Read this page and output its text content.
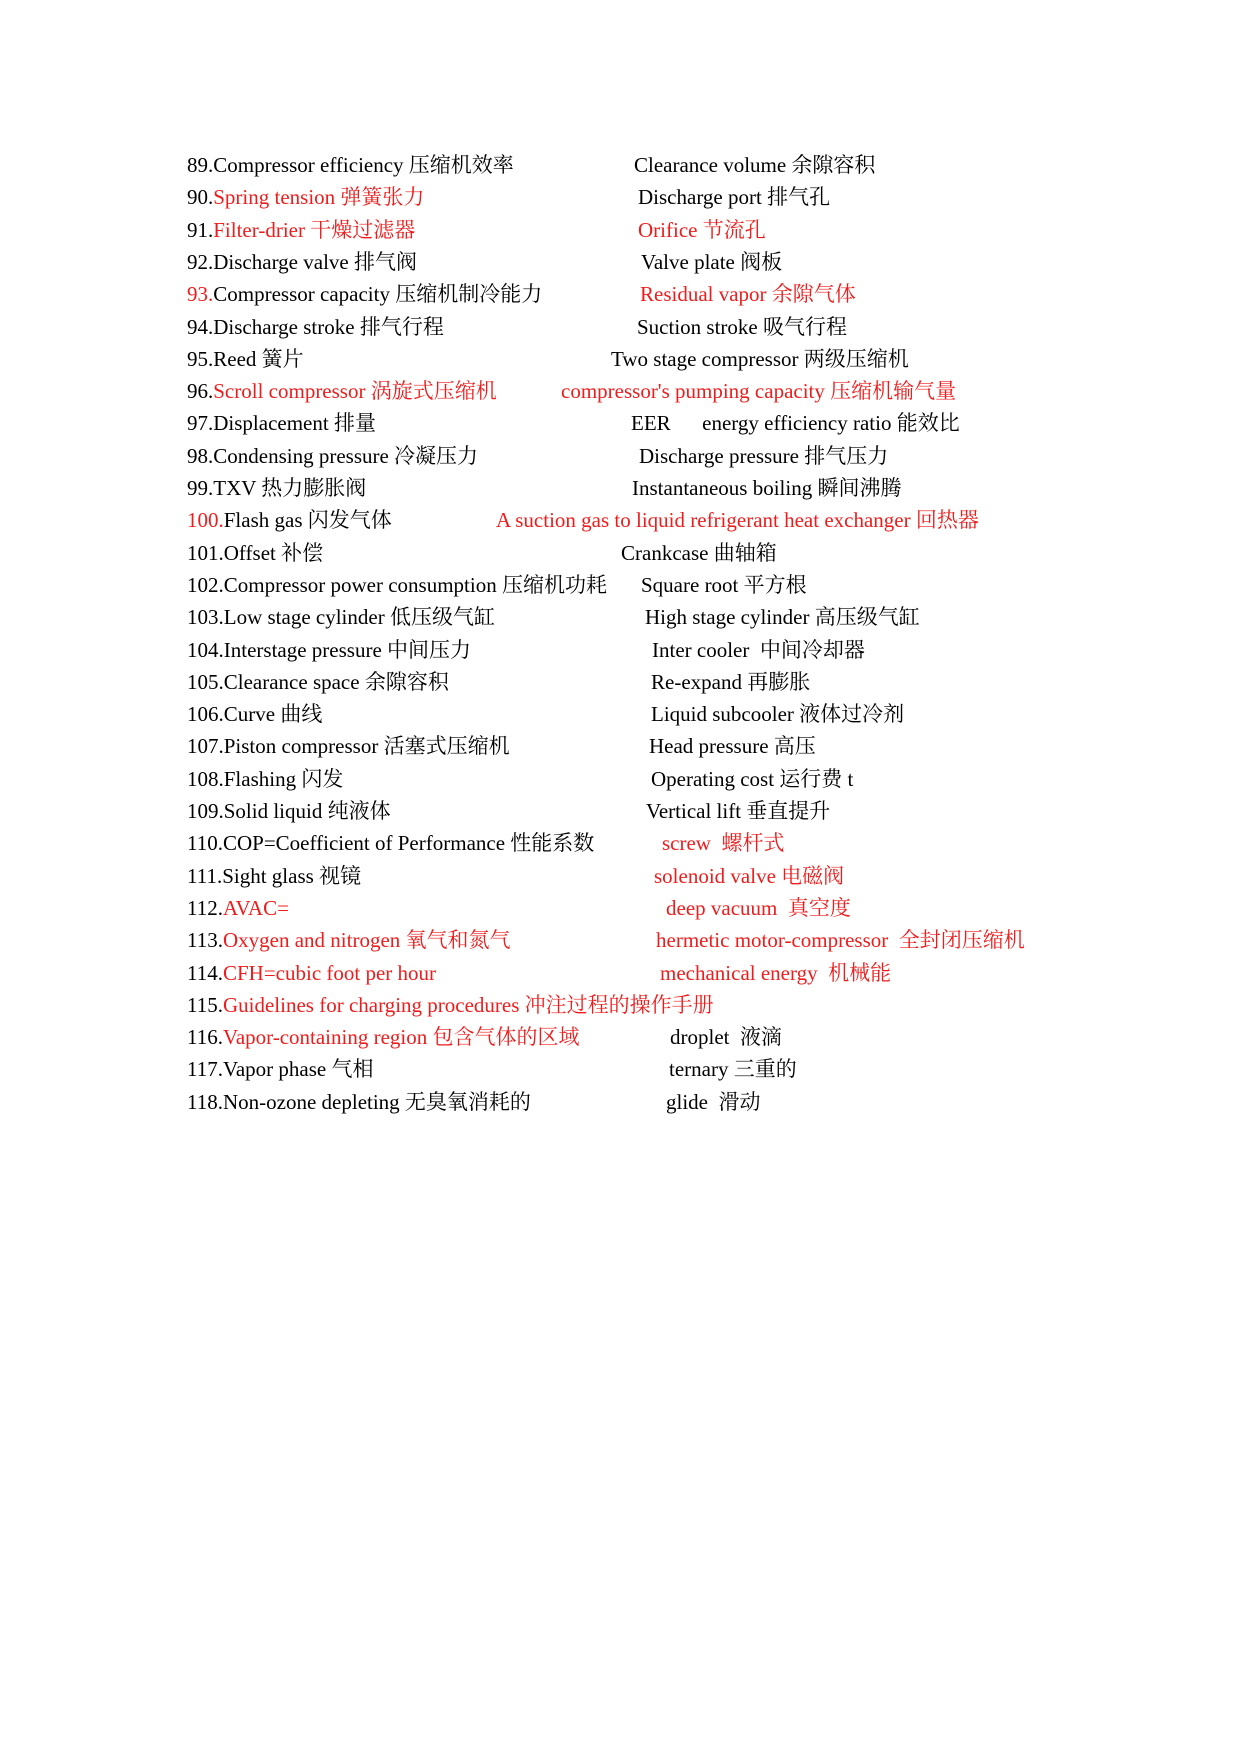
89.Compressor efficiency 压缩机效率	Clearance volume 余隙容积
90.Spring tension 弹簧张力	Discharge port 排气孔
91.Filter-drier 干燥过滤器	Orifice 节流孔
92.Discharge valve 排气阀	Valve plate 阀板
93.Compressor capacity 压缩机制冷能力	Residual vapor 余隙气体
94.Discharge stroke 排气行程	Suction stroke 吸气行程
95.Reed 簧片	Two stage compressor 两级压缩机
96.Scroll compressor 涡旋式压缩机	compressor's pumping capacity 压缩机输气量
97.Displacement 排量	EER      energy efficiency ratio 能效比
98.Condensing pressure 冷凝压力	Discharge pressure 排气压力
99.TXV 热力膨胀阀	Instantaneous boiling 瞬间沸腾
100.Flash gas 闪发气体	A suction gas to liquid refrigerant heat exchanger 回热器
101.Offset 补偿	Crankcase 曲轴箱
102.Compressor power consumption 压缩机功耗 Square root 平方根
103.Low stage cylinder 低压级气缸	High stage cylinder 高压级气缸
104.Interstage pressure 中间压力	Inter cooler  中间冷却器
105.Clearance space 余隙容积	Re-expand 再膨胀
106.Curve 曲线	Liquid subcooler 液体过冷剂
107.Piston compressor 活塞式压缩机	Head pressure 高压
108.Flashing 闪发	Operating cost 运行费 t
109.Solid liquid 纯液体	Vertical lift 垂直提升
110.COP=Coefficient of Performance 性能系数	screw  螺杆式
111.Sight glass 视镜	solenoid valve 电磁阀
112.AVAC=	deep vacuum  真空度
113.Oxygen and nitrogen 氧气和氮气	hermetic motor-compressor  全封闭压缩机
114.CFH=cubic foot per hour	mechanical energy  机械能
115.Guidelines for charging procedures 冲注过程的操作手册
116.Vapor-containing region 包含气体的区域	droplet  液滴
117.Vapor phase 气相	ternary 三重的
118.Non-ozone depleting 无臭氧消耗的	glide  滑动
